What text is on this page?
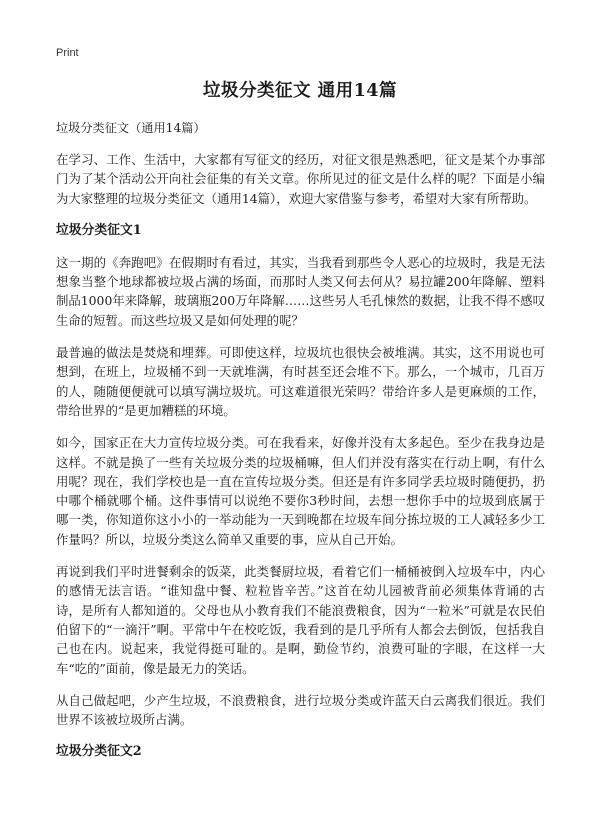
Print
垃圾分类征文 通用14篇
垃圾分类征文（通用14篇）

在学习、工作、生活中，大家都有写征文的经历，对征文很是熟悉吧，征文是某个办事部门为了某个活动公开向社会征集的有关文章。你所见过的征文是什么样的呢？下面是小编为大家整理的垃圾分类征文（通用14篇），欢迎大家借鉴与参考，希望对大家有所帮助。

垃圾分类征文1

这一期的《奔跑吧》在假期时有看过，其实，当我看到那些令人恶心的垃圾时，我是无法想象当整个地球都被垃圾占满的场面，而那时人类又何去何从？易拉罐200年降解、塑料制品1000年来降解，玻璃瓶200万年降解……这些另人毛孔悚然的数据，让我不得不感叹生命的短暂。而这些垃圾又是如何处理的呢？

最普遍的做法是焚烧和埋葬。可即使这样，垃圾坑也很快会被堆满。其实，这不用说也可想到，在班上，垃圾桶不到一天就堆满，有时甚至还会堆不下。那么，一个城市，几百万的人，随随便便就可以填写满垃圾坑。可这难道很光荣吗？带给许多人是更麻烦的工作，带给世界的“是更加糟糕的环境。

如今，国家正在大力宣传垃圾分类。可在我看来，好像并没有太多起色。至少在我身边是这样。不就是换了一些有关垃圾分类的垃圾桶嘛，但人们并没有落实在行动上啊，有什么用呢？现在，我们学校也是一直在宣传垃圾分类。但还是有许多同学丢垃圾时随便扔，扔中哪个桶就哪个桶。这件事情可以说绝不要你3秒时间，去想一想你手中的垃圾到底属于哪一类，你知道你这小小的一举动能为一天到晚都在垃圾车间分拣垃圾的工人减轻多少工作量吗？所以，垃圾分类这么简单又重要的事，应从自己开始。

再说到我们平时进餐剩余的饭菜，此类餐厨垃圾，看着它们一桶桶被倒入垃圾车中，内心的感情无法言语。“谁知盘中餐、粒粒皆辛苦。”这首在幼儿园被背前必须集体背诵的古诗，是所有人都知道的。父母也从小教育我们不能浪费粮食，因为“一粒米”可就是农民伯伯留下的“一滴汗”啊。平常中午在校吃饭，我看到的是几乎所有人都会去倒饭，包括我自己也在内。说起来，我觉得挺可耻的。是啊，勤俭节约，浪费可耻的字眼，在这样一大车“吃的”面前，像是最无力的笑话。

从自己做起吧，少产生垃圾，不浪费粮食，进行垃圾分类或许蓝天白云离我们很近。我们世界不该被垃圾所占满。

垃圾分类征文2
